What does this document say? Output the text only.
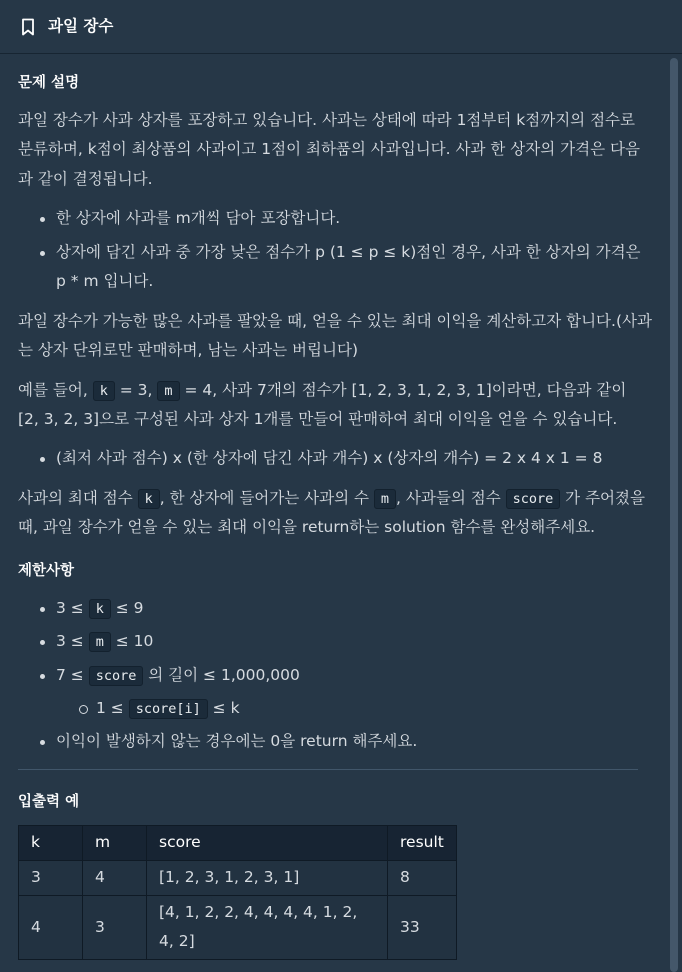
과일 장수
문제 설명

과일 장수가 사과 상자를 포장하고 있습니다. 사과는 상태에 따라 1점부터 k점까지의 점수로 분류하며, k점이 최상품의 사과이고 1점이 최하품의 사과입니다. 사과 한 상자의 가격은 다음과 같이 결정됩니다.

한 상자에 사과를 m개씩 담아 포장합니다.
상자에 담긴 사과 중 가장 낮은 점수가 p (1 ≤ p ≤ k)점인 경우, 사과 한 상자의 가격은 p * m 입니다.

과일 장수가 가능한 많은 사과를 팔았을 때, 얻을 수 있는 최대 이익을 계산하고자 합니다.(사과는 상자 단위로만 판매하며, 남는 사과는 버립니다)

예를 들어, k = 3, m = 4, 사과 7개의 점수가 [1, 2, 3, 1, 2, 3, 1]이라면, 다음과 같이 [2, 3, 2, 3]으로 구성된 사과 상자 1개를 만들어 판매하여 최대 이익을 얻을 수 있습니다.

(최저 사과 점수) x (한 상자에 담긴 사과 개수) x (상자의 개수) = 2 x 4 x 1 = 8

사과의 최대 점수 k , 한 상자에 들어가는 사과의 수 m , 사과들의 점수 score 가 주어졌을 때, 과일 장수가 얻을 수 있는 최대 이익을 return하는 solution 함수를 완성해주세요.

제한사항
3 ≤ k ≤ 9
3 ≤ m ≤ 10
7 ≤ score 의 길이 ≤ 1,000,000
1 ≤ score[i] ≤ k
이익이 발생하지 않는 경우에는 0을 return 해주세요.
입출력 예
k	m	score	result
3	4	[1, 2, 3, 1, 2, 3, 1]	8
4	3	[4, 1, 2, 2, 4, 4, 4, 4, 1, 2, 4, 2]	33
